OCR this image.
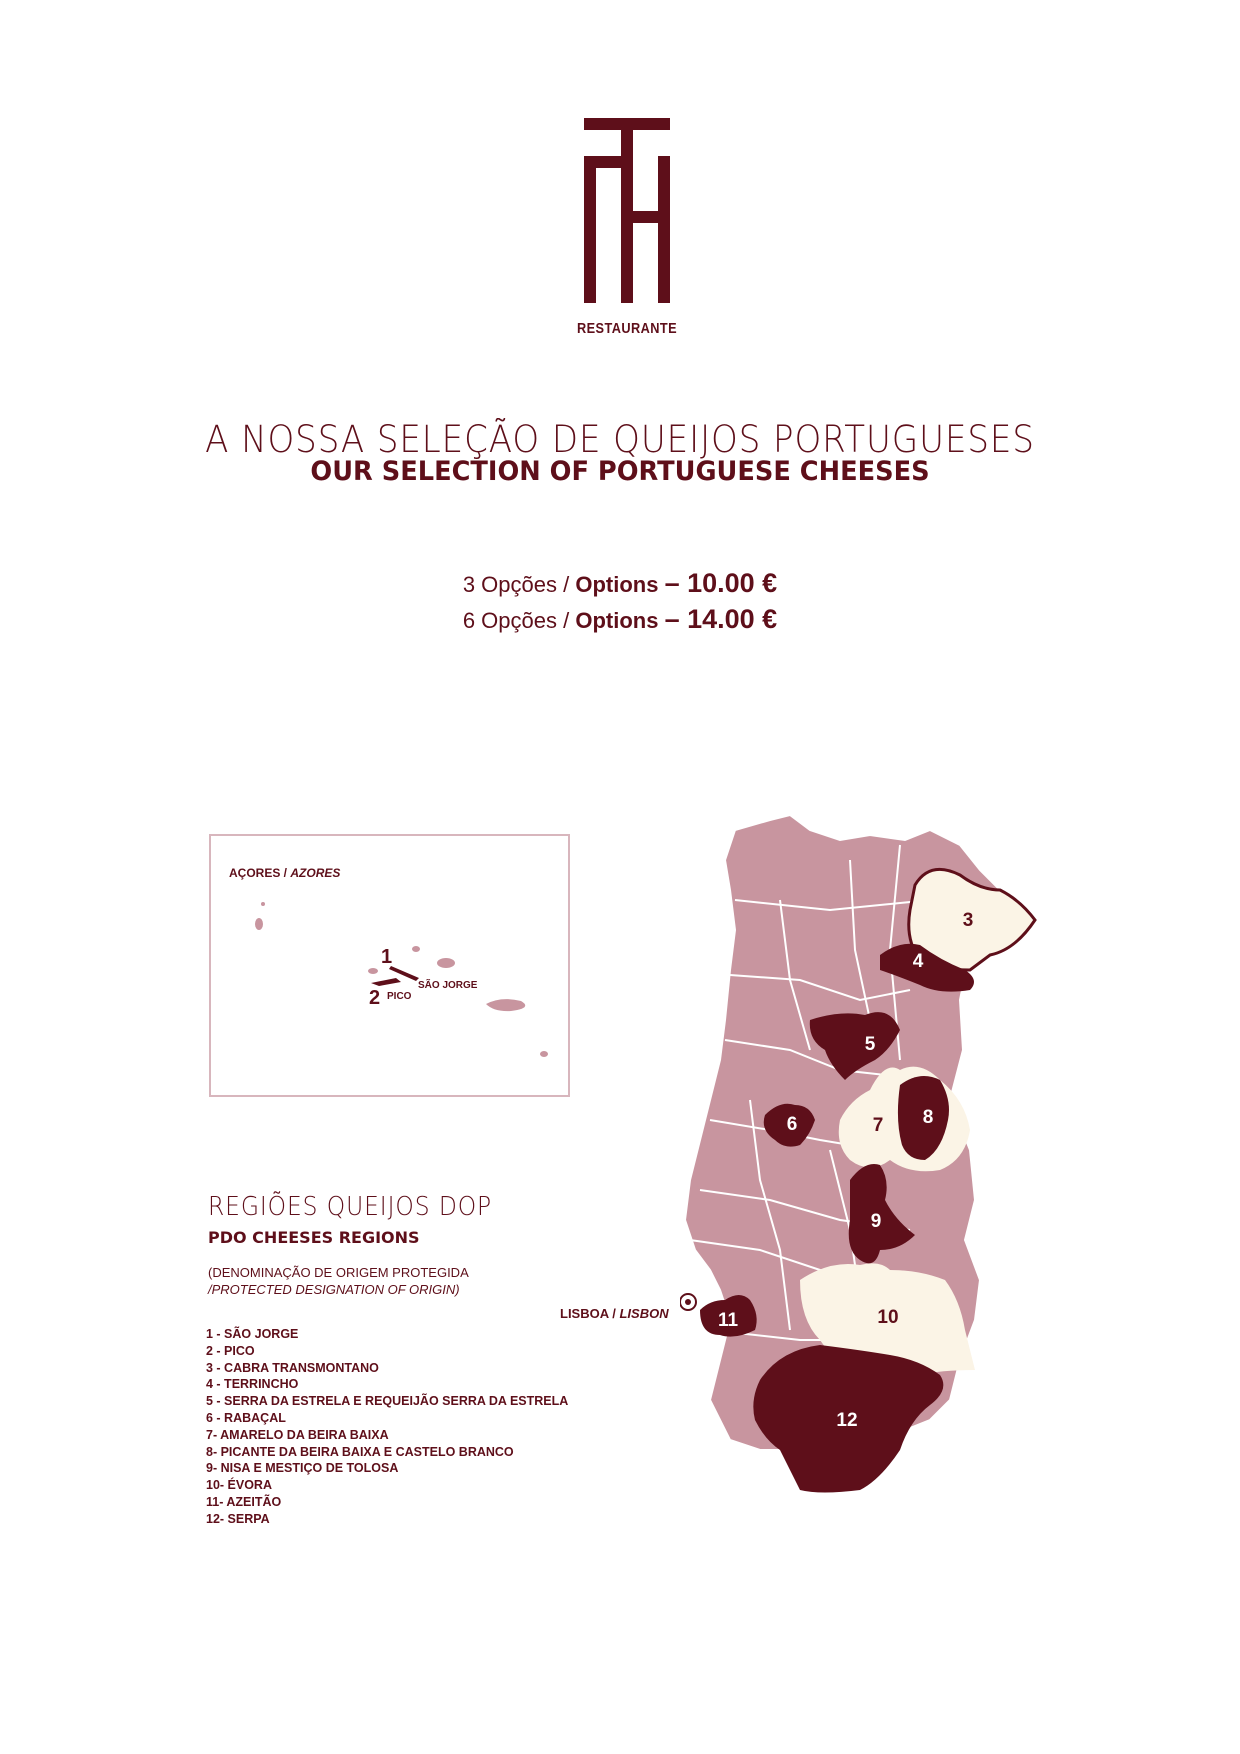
RESTAURANTE
A NOSSA SELEÇÃO DE QUEIJOS PORTUGUESES
OUR SELECTION OF PORTUGUESE CHEESES
3 Opções / Options – 10.00 €
6 Opções / Options – 14.00 €
AÇORES / AZORES
1
2
SÃO JORGE
PICO
3
4
5
6	7 8
9
10
11
12
LISBOA / LISBON
REGIÕES QUEIJOS DOP
PDO CHEESES REGIONS
(DENOMINAÇÃO DE ORIGEM PROTEGIDA
/PROTECTED DESIGNATION OF ORIGIN)
1 - SÃO JORGE
2 - PICO
3 - CABRA TRANSMONTANO
4 - TERRINCHO
5 - SERRA DA ESTRELA E REQUEIJÃO SERRA DA ESTRELA
6 - RABAÇAL
7- AMARELO DA BEIRA BAIXA
8- PICANTE DA BEIRA BAIXA E CASTELO BRANCO
9- NISA E MESTIÇO DE TOLOSA
10- ÉVORA
11- AZEITÃO
12- SERPA
